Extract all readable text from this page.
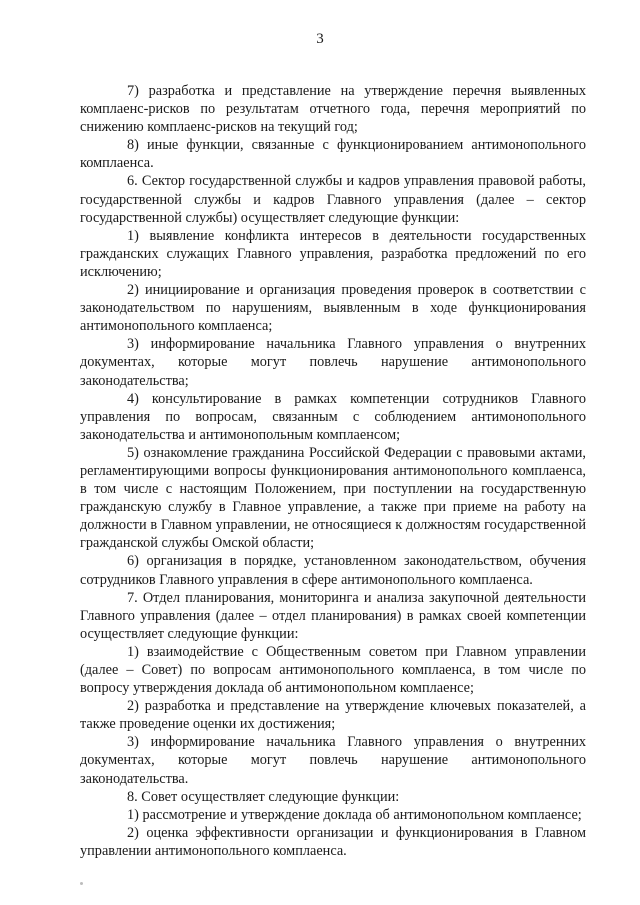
3

7) разработка и представление на утверждение перечня выявленных комплаенс-рисков по результатам отчетного года, перечня мероприятий по снижению комплаенс-рисков на текущий год;

8) иные функции, связанные с функционированием антимонопольного комплаенса.

6. Сектор государственной службы и кадров управления правовой работы, государственной службы и кадров Главного управления (далее – сектор государственной службы) осуществляет следующие функции:

1) выявление конфликта интересов в деятельности государственных гражданских служащих Главного управления, разработка предложений по его исключению;

2) инициирование и организация проведения проверок в соответствии с законодательством по нарушениям, выявленным в ходе функционирования антимонопольного комплаенса;

3) информирование начальника Главного управления о внутренних документах, которые могут повлечь нарушение антимонопольного законодательства;

4) консультирование в рамках компетенции сотрудников Главного управления по вопросам, связанным с соблюдением антимонопольного законодательства и антимонопольным комплаенсом;

5) ознакомление гражданина Российской Федерации с правовыми актами, регламентирующими вопросы функционирования антимонопольного комплаенса, в том числе с настоящим Положением, при поступлении на государственную гражданскую службу в Главное управление, а также при приеме на работу на должности в Главном управлении, не относящиеся к должностям государственной гражданской службы Омской области;

6) организация в порядке, установленном законодательством, обучения сотрудников Главного управления в сфере антимонопольного комплаенса.

7. Отдел планирования, мониторинга и анализа закупочной деятельности Главного управления (далее – отдел планирования) в рамках своей компетенции осуществляет следующие функции:

1) взаимодействие с Общественным советом при Главном управлении (далее – Совет) по вопросам антимонопольного комплаенса, в том числе по вопросу утверждения доклада об антимонопольном комплаенсе;

2) разработка и представление на утверждение ключевых показателей, а также проведение оценки их достижения;

3) информирование начальника Главного управления о внутренних документах, которые могут повлечь нарушение антимонопольного законодательства.

8. Совет осуществляет следующие функции:

1) рассмотрение и утверждение доклада об антимонопольном комплаенсе;

2) оценка эффективности организации и функционирования в Главном управлении антимонопольного комплаенса.
